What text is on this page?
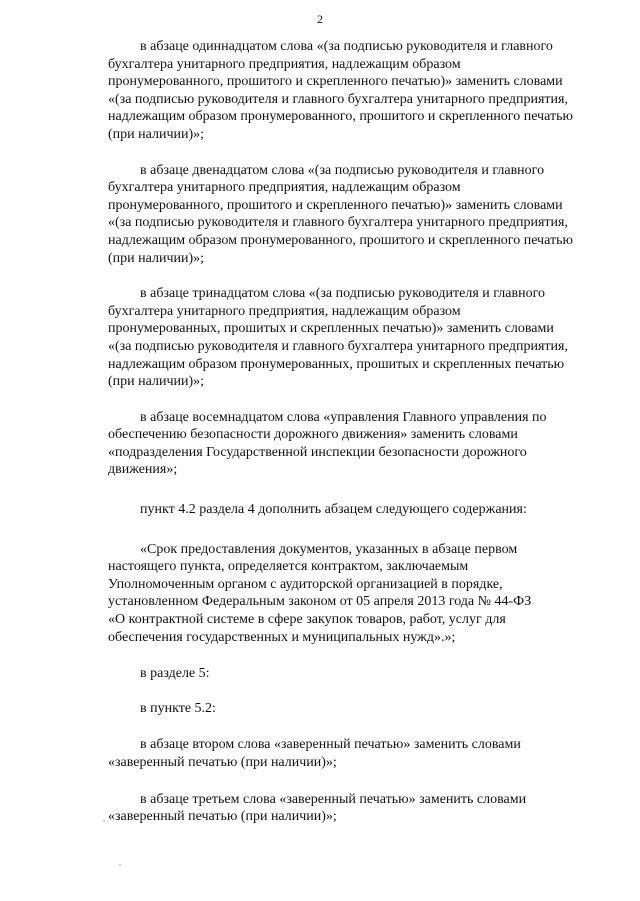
2

в абзаце одиннадцатом слова «(за подписью руководителя и главного
бухгалтера унитарного предприятия, надлежащим образом
пронумерованного, прошитого и скрепленного печатью)» заменить словами
«(за подписью руководителя и главного бухгалтера унитарного предприятия,
надлежащим образом пронумерованного, прошитого и скрепленного печатью
(при наличии)»;

в абзаце двенадцатом слова «(за подписью руководителя и главного
бухгалтера унитарного предприятия, надлежащим образом
пронумерованного, прошитого и скрепленного печатью)» заменить словами
«(за подписью руководителя и главного бухгалтера унитарного предприятия,
надлежащим образом пронумерованного, прошитого и скрепленного печатью
(при наличии)»;

в абзаце тринадцатом слова «(за подписью руководителя и главного
бухгалтера унитарного предприятия, надлежащим образом
пронумерованных, прошитых и скрепленных печатью)» заменить словами
«(за подписью руководителя и главного бухгалтера унитарного предприятия,
надлежащим образом пронумерованных, прошитых и скрепленных печатью
(при наличии)»;

в абзаце восемнадцатом слова «управления Главного управления по
обеспечению безопасности дорожного движения» заменить словами
«подразделения Государственной инспекции безопасности дорожного
движения»;

пункт 4.2 раздела 4 дополнить абзацем следующего содержания:

«Срок предоставления документов, указанных в абзаце первом
настоящего пункта, определяется контрактом, заключаемым
Уполномоченным органом с аудиторской организацией в порядке,
установленном Федеральным законом от 05 апреля 2013 года № 44-ФЗ
«О контрактной системе в сфере закупок товаров, работ, услуг для
обеспечения государственных и муниципальных нужд».»;

в разделе 5:

в пункте 5.2:

в абзаце втором слова «заверенный печатью» заменить словами
«заверенный печатью (при наличии)»;

в абзаце третьем слова «заверенный печатью» заменить словами
«заверенный печатью (при наличии)»;
